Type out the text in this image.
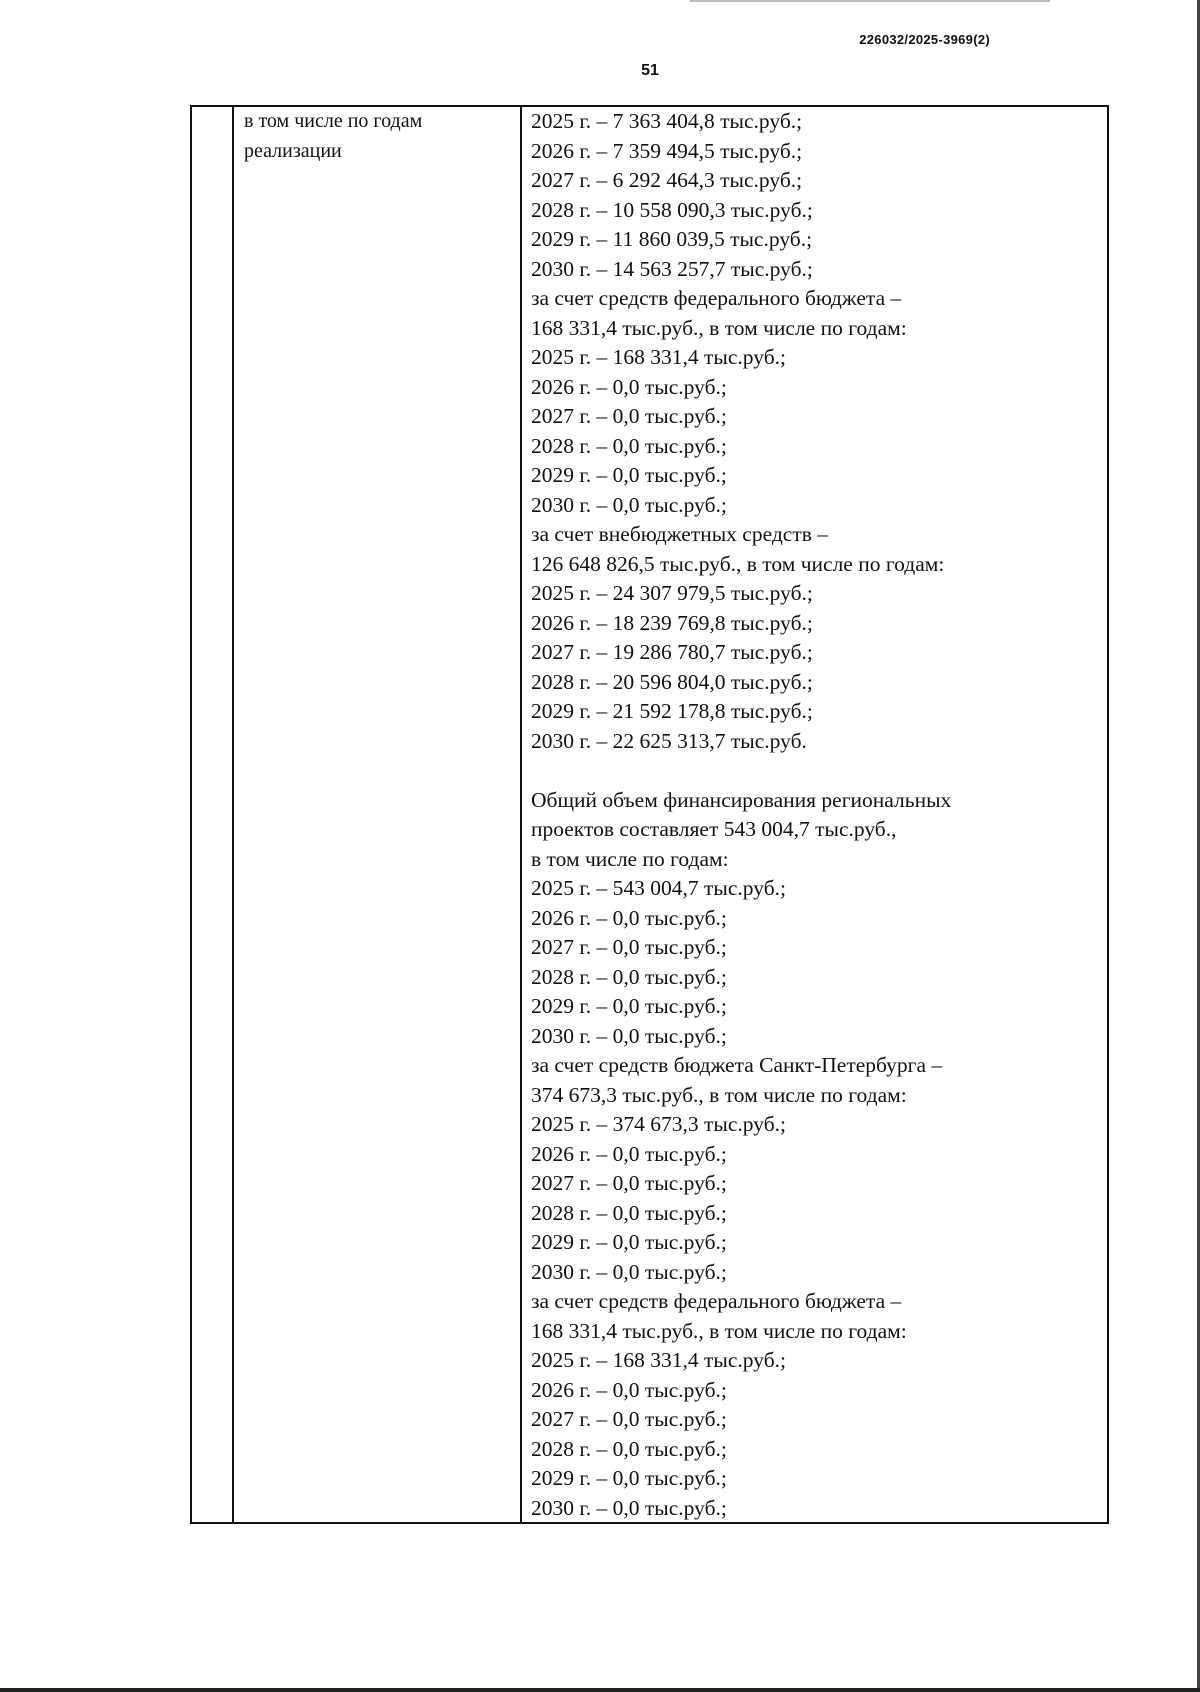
226032/2025-3969(2)
51
в том числе по годам
реализации
2025 г. – 7 363 404,8 тыс.руб.;
2026 г. – 7 359 494,5 тыс.руб.;
2027 г. – 6 292 464,3 тыс.руб.;
2028 г. – 10 558 090,3 тыс.руб.;
2029 г. – 11 860 039,5 тыс.руб.;
2030 г. – 14 563 257,7 тыс.руб.;
за счет средств федерального бюджета –
168 331,4 тыс.руб., в том числе по годам:
2025 г. – 168 331,4 тыс.руб.;
2026 г. – 0,0 тыс.руб.;
2027 г. – 0,0 тыс.руб.;
2028 г. – 0,0 тыс.руб.;
2029 г. – 0,0 тыс.руб.;
2030 г. – 0,0 тыс.руб.;
за счет внебюджетных средств –
126 648 826,5 тыс.руб., в том числе по годам:
2025 г. – 24 307 979,5 тыс.руб.;
2026 г. – 18 239 769,8 тыс.руб.;
2027 г. – 19 286 780,7 тыс.руб.;
2028 г. – 20 596 804,0 тыс.руб.;
2029 г. – 21 592 178,8 тыс.руб.;
2030 г. – 22 625 313,7 тыс.руб.
Общий объем финансирования региональных
проектов составляет 543 004,7 тыс.руб.,
в том числе по годам:
2025 г. – 543 004,7 тыс.руб.;
2026 г. – 0,0 тыс.руб.;
2027 г. – 0,0 тыс.руб.;
2028 г. – 0,0 тыс.руб.;
2029 г. – 0,0 тыс.руб.;
2030 г. – 0,0 тыс.руб.;
за счет средств бюджета Санкт-Петербурга –
374 673,3 тыс.руб., в том числе по годам:
2025 г. – 374 673,3 тыс.руб.;
2026 г. – 0,0 тыс.руб.;
2027 г. – 0,0 тыс.руб.;
2028 г. – 0,0 тыс.руб.;
2029 г. – 0,0 тыс.руб.;
2030 г. – 0,0 тыс.руб.;
за счет средств федерального бюджета –
168 331,4 тыс.руб., в том числе по годам:
2025 г. – 168 331,4 тыс.руб.;
2026 г. – 0,0 тыс.руб.;
2027 г. – 0,0 тыс.руб.;
2028 г. – 0,0 тыс.руб.;
2029 г. – 0,0 тыс.руб.;
2030 г. – 0,0 тыс.руб.;
